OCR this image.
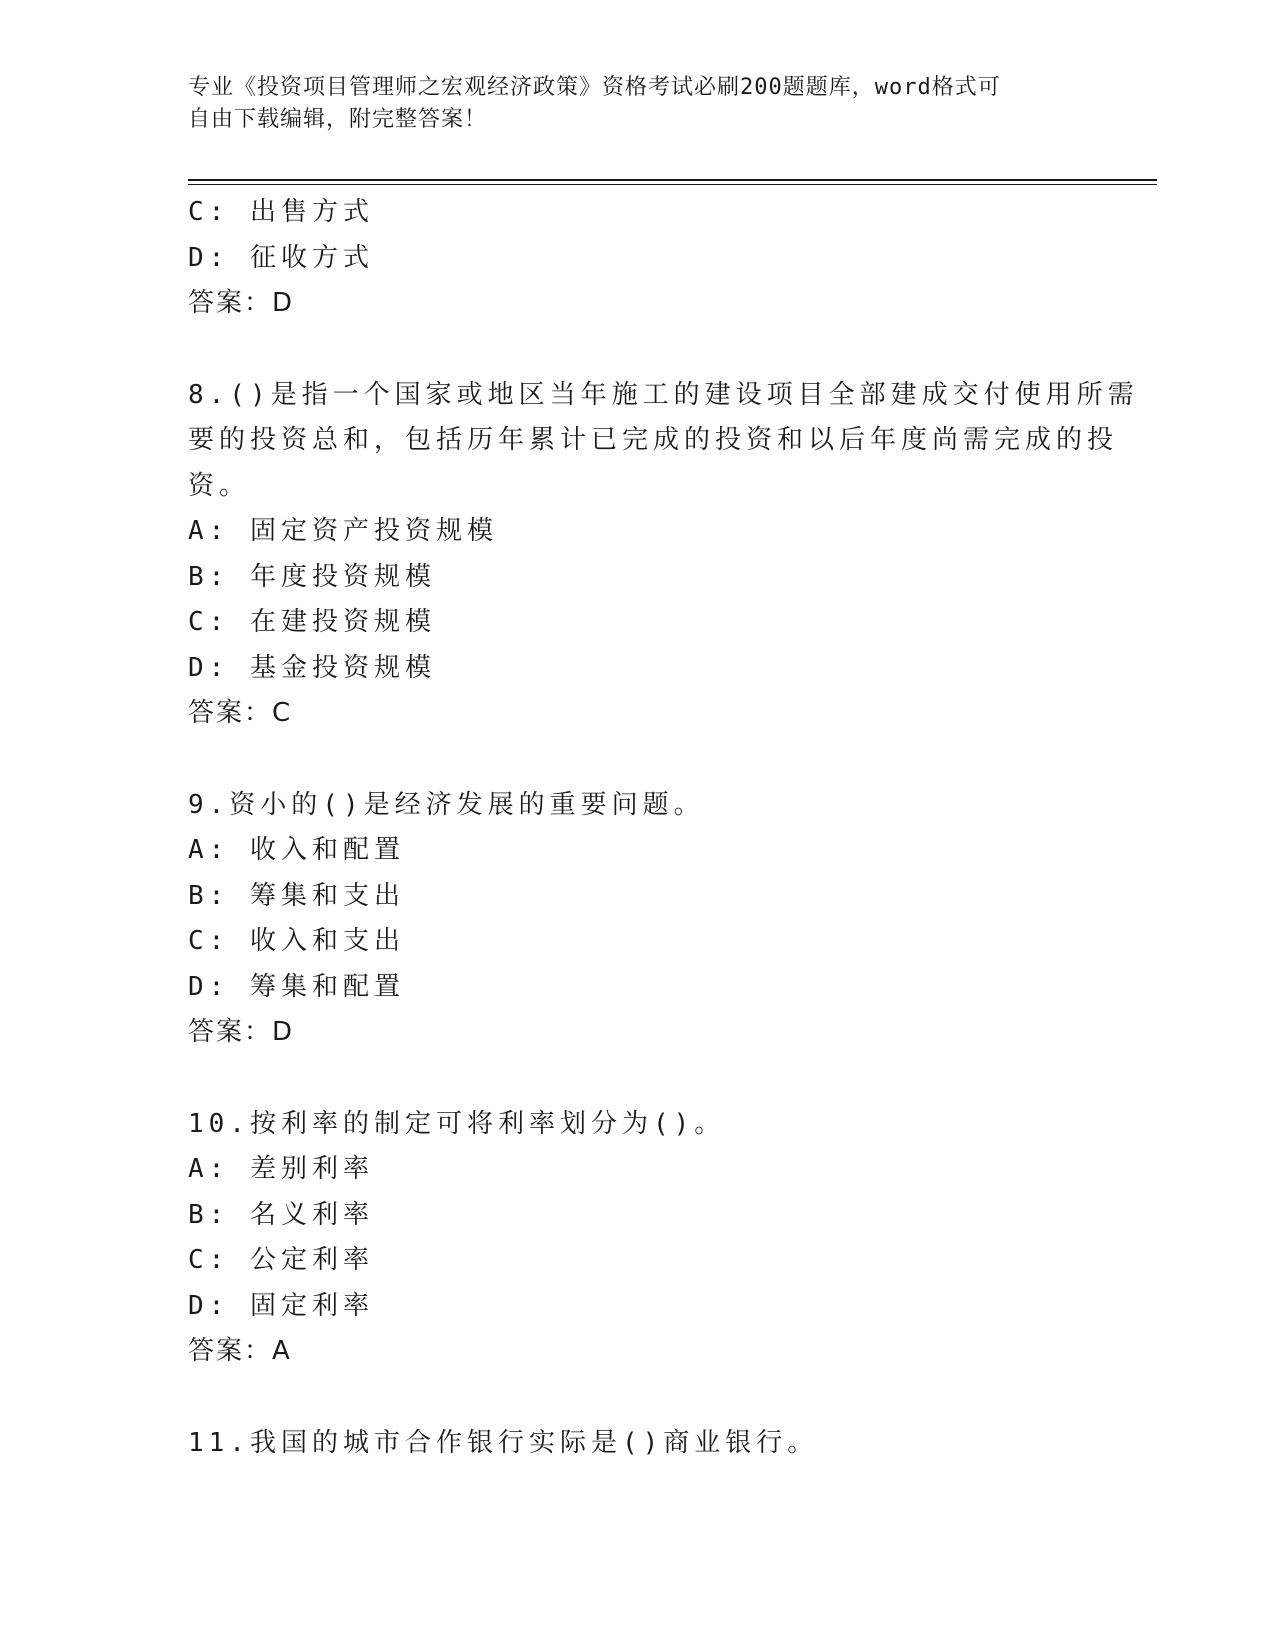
专业《投资项目管理师之宏观经济政策》资格考试必刷200题题库，word格式可
自由下载编辑，附完整答案！
C: 出售方式
D: 征收方式
答案：D
8.()是指一个国家或地区当年施工的建设项目全部建成交付使用所需
要的投资总和，包括历年累计已完成的投资和以后年度尚需完成的投
资。
A: 固定资产投资规模
B: 年度投资规模
C: 在建投资规模
D: 基金投资规模
答案：C
9.资小的()是经济发展的重要问题。
A: 收入和配置
B: 筹集和支出
C: 收入和支出
D: 筹集和配置
答案：D
10.按利率的制定可将利率划分为()。
A: 差别利率
B: 名义利率
C: 公定利率
D: 固定利率
答案：A
11.我国的城市合作银行实际是()商业银行。
